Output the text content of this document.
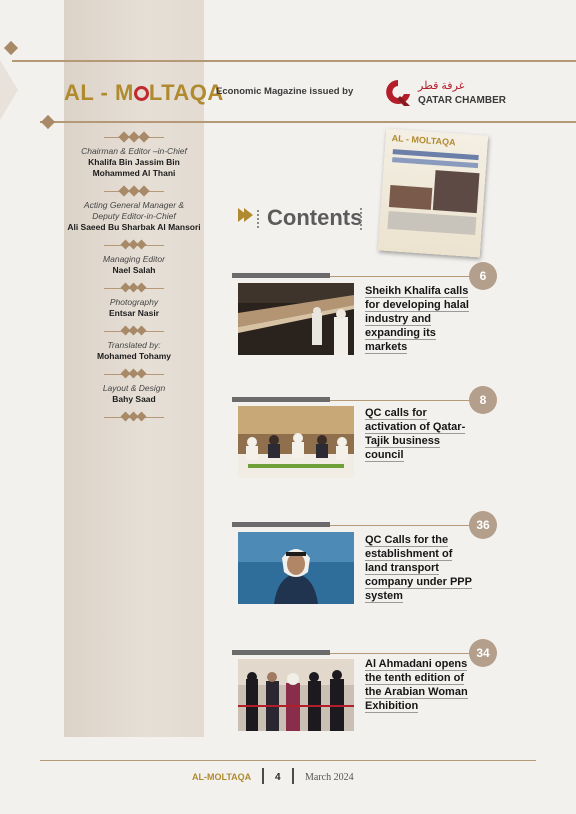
AL - M LTAQA
Economic Magazine issued by	غرفة قطر
QATAR CHAMBER
Chairman & Editor –in-Chief
Khalifa Bin Jassim Bin Mohammed Al Thani
Acting General Manager & Deputy Editor-in-Chief
Ali Saeed Bu Sharbak Al Mansori
Managing Editor
Nael Salah
Photography
Entsar Nasir
Translated by:
Mohamed Tohamy
Layout & Design
Bahy Saad
AL - MOLTAQA
Contents
6
Sheikh Khalifa calls for developing halal industry and expanding its markets
8
QC calls for activation of Qatar-Tajik business council
36
QC Calls for the establishment of land transport company under PPP system
34
Al Ahmadani opens the tenth edition of the Arabian Woman Exhibition
AL-MOLTAQA 4 March 2024
